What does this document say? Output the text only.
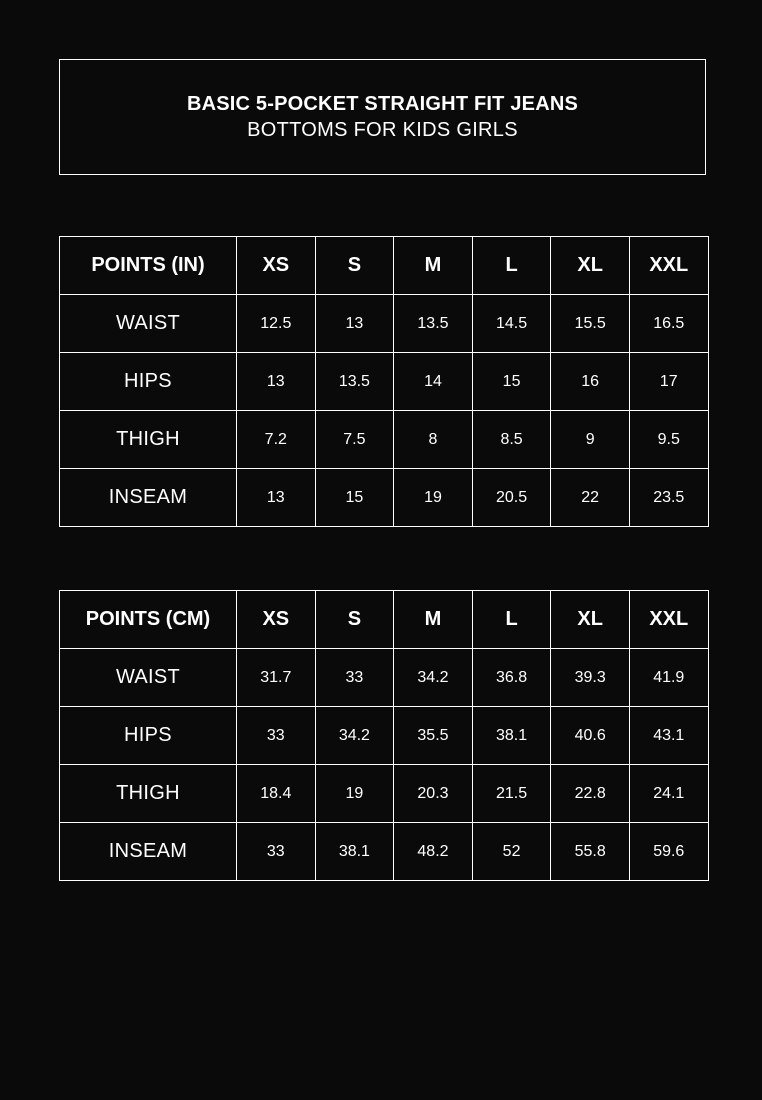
BASIC 5-POCKET STRAIGHT FIT JEANS
BOTTOMS FOR KIDS GIRLS
POINTS (IN)	XS	S	M	L	XL	XXL
WAIST	12.5	13	13.5	14.5	15.5	16.5
HIPS	13	13.5	14	15	16	17
THIGH	7.2	7.5	8	8.5	9	9.5
INSEAM	13	15	19	20.5	22	23.5
POINTS (CM)	XS	S	M	L	XL	XXL
WAIST	31.7	33	34.2	36.8	39.3	41.9
HIPS	33	34.2	35.5	38.1	40.6	43.1
THIGH	18.4	19	20.3	21.5	22.8	24.1
INSEAM	33	38.1	48.2	52	55.8	59.6
